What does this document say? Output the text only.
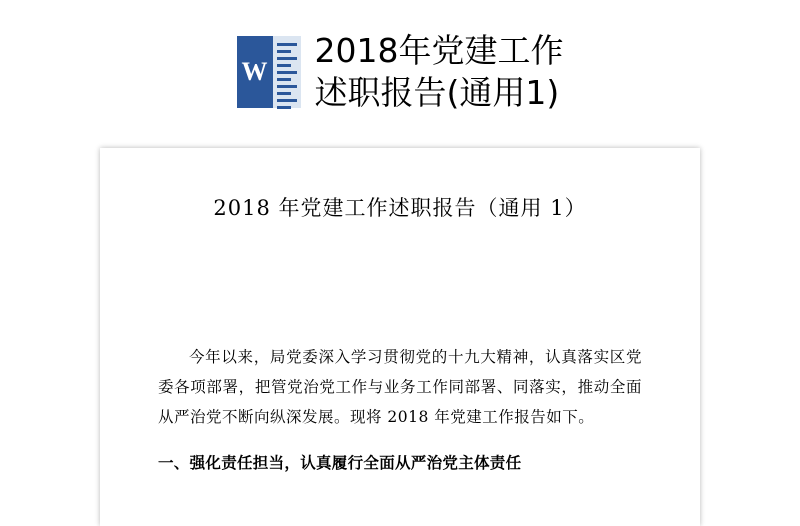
W
2018年党建工作
述职报告(通用1)
2018 年党建工作述职报告（通用 1）

今年以来，局党委深入学习贯彻党的十九大精神，认真落实区党委各项部署，把管党治党工作与业务工作同部署、同落实，推动全面从严治党不断向纵深发展。现将 2018 年党建工作报告如下。

一、强化责任担当，认真履行全面从严治党主体责任
